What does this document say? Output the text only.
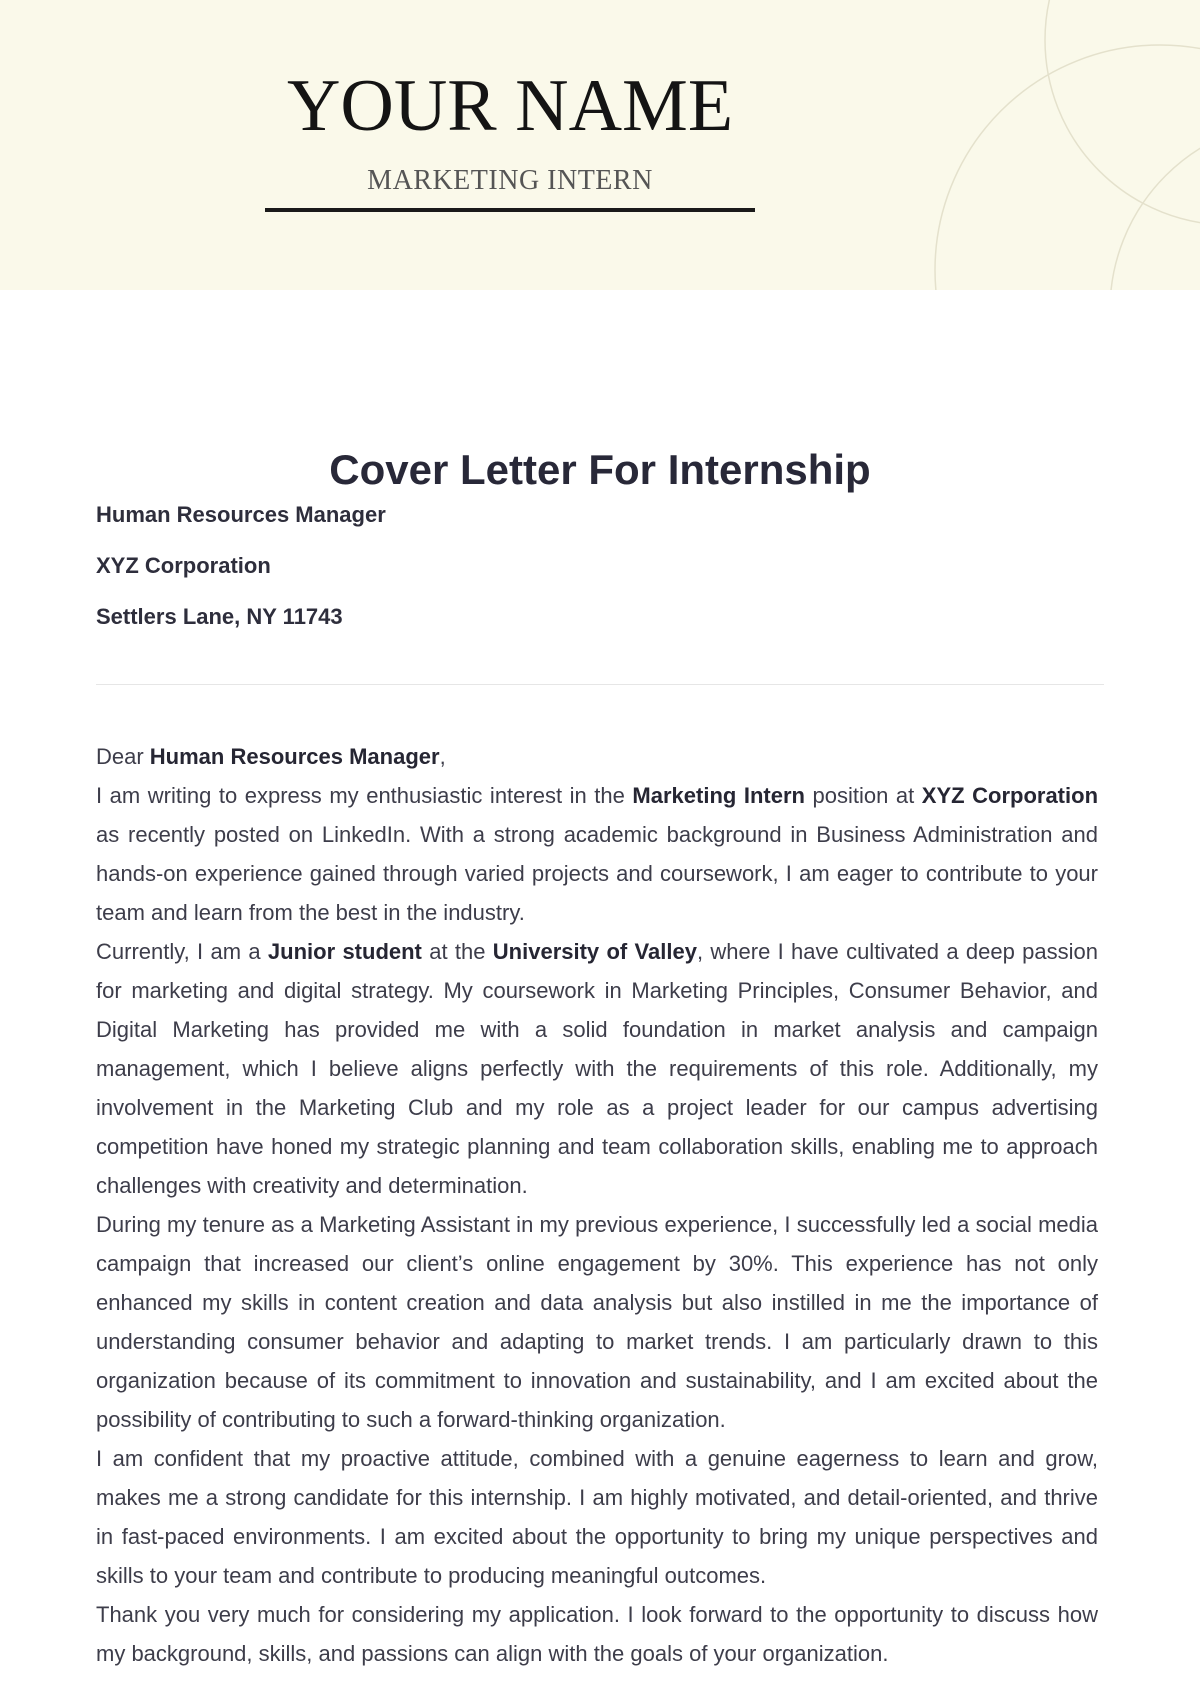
YOUR NAME
MARKETING INTERN
Cover Letter For Internship
Human Resources Manager
XYZ Corporation
Settlers Lane, NY 11743

Dear Human Resources Manager,

I am writing to express my enthusiastic interest in the Marketing Intern position at XYZ Corporation as recently posted on LinkedIn. With a strong academic background in Business Administration and hands-on experience gained through varied projects and coursework, I am eager to contribute to your team and learn from the best in the industry.

Currently, I am a Junior student at the University of Valley, where I have cultivated a deep passion for marketing and digital strategy. My coursework in Marketing Principles, Consumer Behavior, and Digital Marketing has provided me with a solid foundation in market analysis and campaign management, which I believe aligns perfectly with the requirements of this role. Additionally, my involvement in the Marketing Club and my role as a project leader for our campus advertising competition have honed my strategic planning and team collaboration skills, enabling me to approach challenges with creativity and determination.

During my tenure as a Marketing Assistant in my previous experience, I successfully led a social media campaign that increased our client’s online engagement by 30%. This experience has not only enhanced my skills in content creation and data analysis but also instilled in me the importance of understanding consumer behavior and adapting to market trends. I am particularly drawn to this organization because of its commitment to innovation and sustainability, and I am excited about the possibility of contributing to such a forward-thinking organization.

I am confident that my proactive attitude, combined with a genuine eagerness to learn and grow, makes me a strong candidate for this internship. I am highly motivated, and detail-oriented, and thrive in fast-paced environments. I am excited about the opportunity to bring my unique perspectives and skills to your team and contribute to producing meaningful outcomes.

Thank you very much for considering my application. I look forward to the opportunity to discuss how my background, skills, and passions can align with the goals of your organization.
